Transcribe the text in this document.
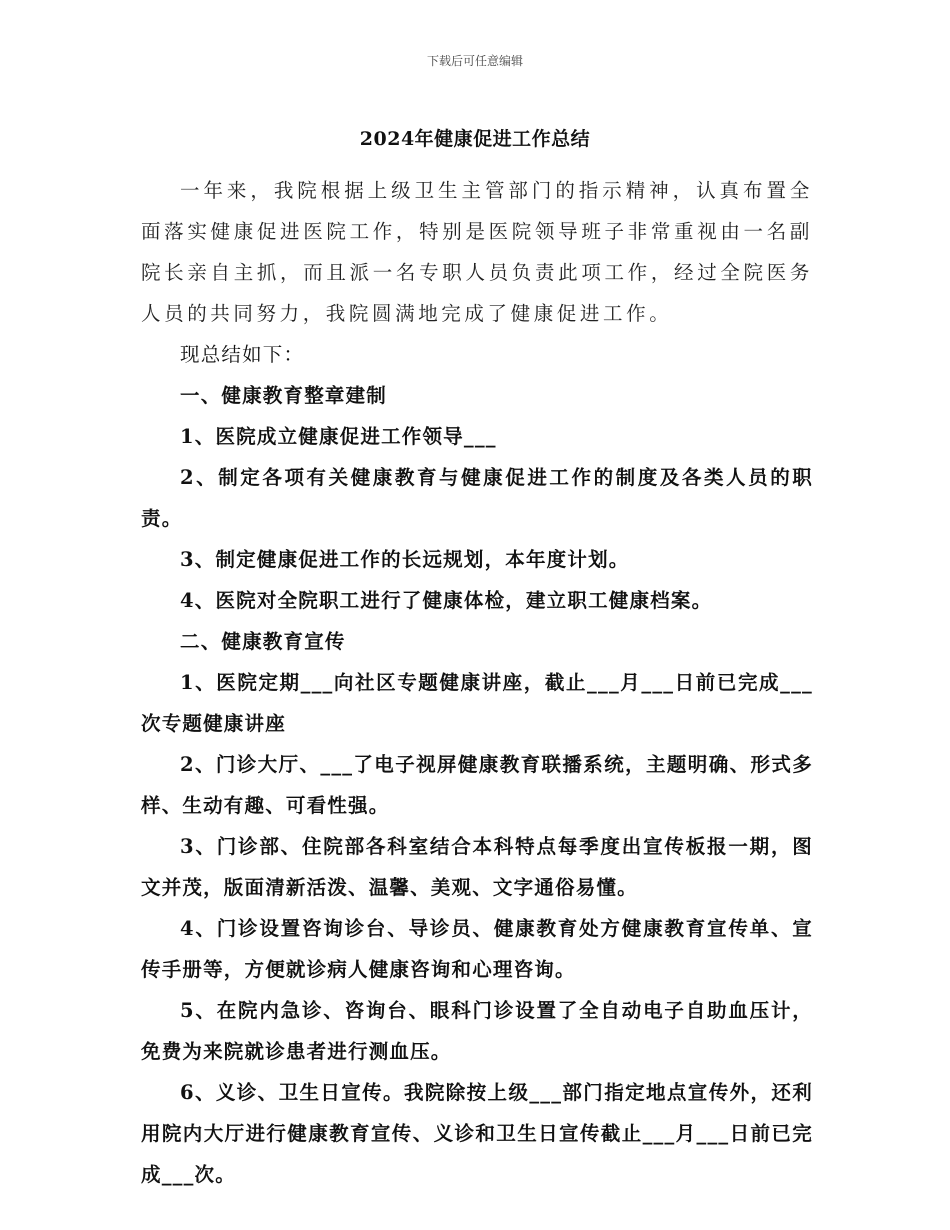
下载后可任意编辑
2024年健康促进工作总结

一年来，我院根据上级卫生主管部门的指示精神，认真布置全面落实健康促进医院工作，特别是医院领导班子非常重视由一名副院长亲自主抓，而且派一名专职人员负责此项工作，经过全院医务人员的共同努力，我院圆满地完成了健康促进工作。

现总结如下：

一、健康教育整章建制

1、医院成立健康促进工作领导___

2、制定各项有关健康教育与健康促进工作的制度及各类人员的职责。

3、制定健康促进工作的长远规划，本年度计划。

4、医院对全院职工进行了健康体检，建立职工健康档案。

二、健康教育宣传

1、医院定期___向社区专题健康讲座，截止___月___日前已完成___次专题健康讲座

2、门诊大厅、___了电子视屏健康教育联播系统，主题明确、形式多样、生动有趣、可看性强。

3、门诊部、住院部各科室结合本科特点每季度出宣传板报一期，图文并茂，版面清新活泼、温馨、美观、文字通俗易懂。

4、门诊设置咨询诊台、导诊员、健康教育处方健康教育宣传单、宣传手册等，方便就诊病人健康咨询和心理咨询。

5、在院内急诊、咨询台、眼科门诊设置了全自动电子自助血压计，免费为来院就诊患者进行测血压。

6、义诊、卫生日宣传。我院除按上级___部门指定地点宣传外，还利用院内大厅进行健康教育宣传、义诊和卫生日宣传截止___月___日前已完成___次。
